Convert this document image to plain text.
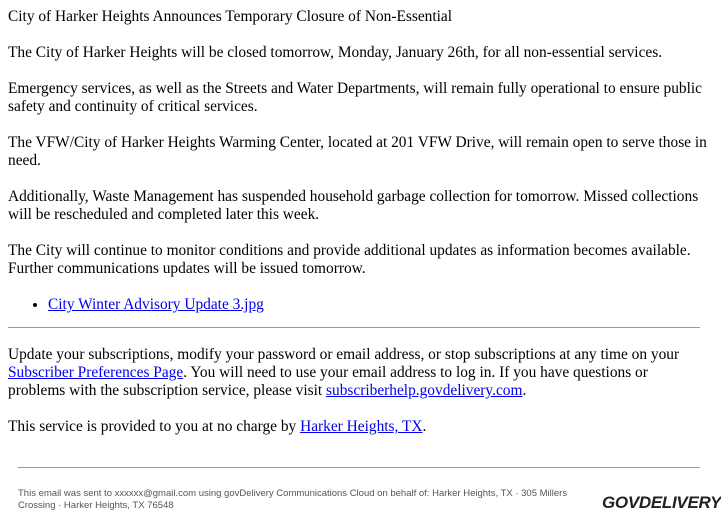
City of Harker Heights Announces Temporary Closure of Non-Essential

The City of Harker Heights will be closed tomorrow, Monday, January 26th, for all non-essential services.

Emergency services, as well as the Streets and Water Departments, will remain fully operational to ensure public safety and continuity of critical services.

The VFW/City of Harker Heights Warming Center, located at 201 VFW Drive, will remain open to serve those in need.

Additionally, Waste Management has suspended household garbage collection for tomorrow. Missed collections will be rescheduled and completed later this week.

The City will continue to monitor conditions and provide additional updates as information becomes available. Further communications updates will be issued tomorrow.

• City Winter Advisory Update 3.jpg

Update your subscriptions, modify your password or email address, or stop subscriptions at any time on your
Subscriber Preferences Page. You will need to use your email address to log in. If you have questions or problems with the subscription service, please visit subscriberhelp.govdelivery.com.

This service is provided to you at no charge by Harker Heights, TX.

This email was sent to xxxxxx@gmail.com using govDelivery Communications Cloud on behalf of: Harker Heights, TX · 305 Millers Crossing · Harker Heights, TX 76548	GOVDELIVERY
